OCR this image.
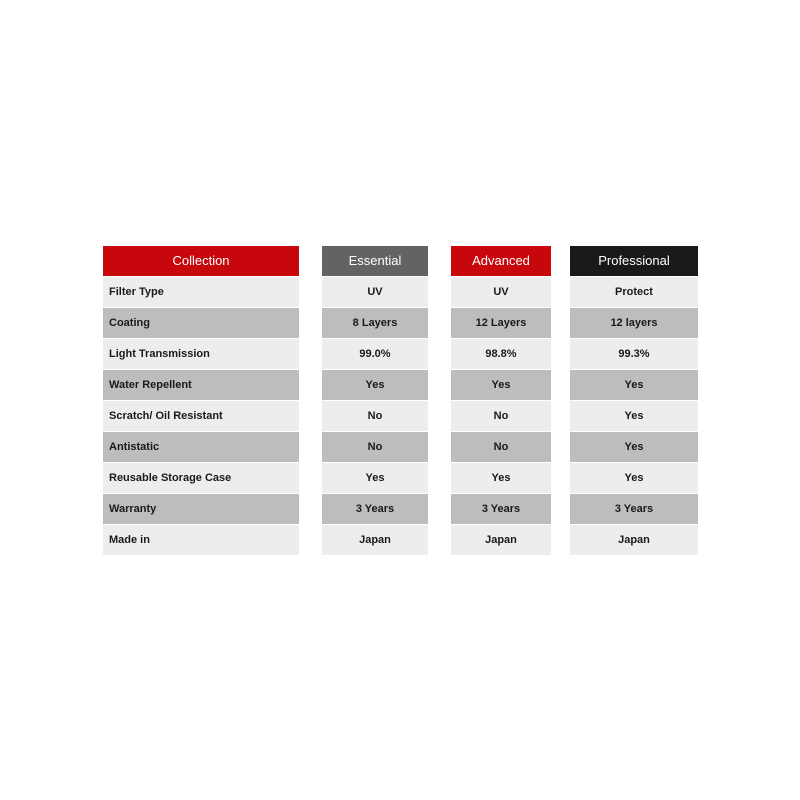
Collection
Filter Type
Coating
Light Transmission
Water Repellent
Scratch/ Oil Resistant
Antistatic
Reusable Storage Case
Warranty
Made in
Essential
UV
8 Layers
99.0%
Yes
No
No
Yes
3 Years
Japan
Advanced
UV
12 Layers
98.8%
Yes
No
No
Yes
3 Years
Japan
Professional
Protect
12 layers
99.3%
Yes
Yes
Yes
Yes
3 Years
Japan
